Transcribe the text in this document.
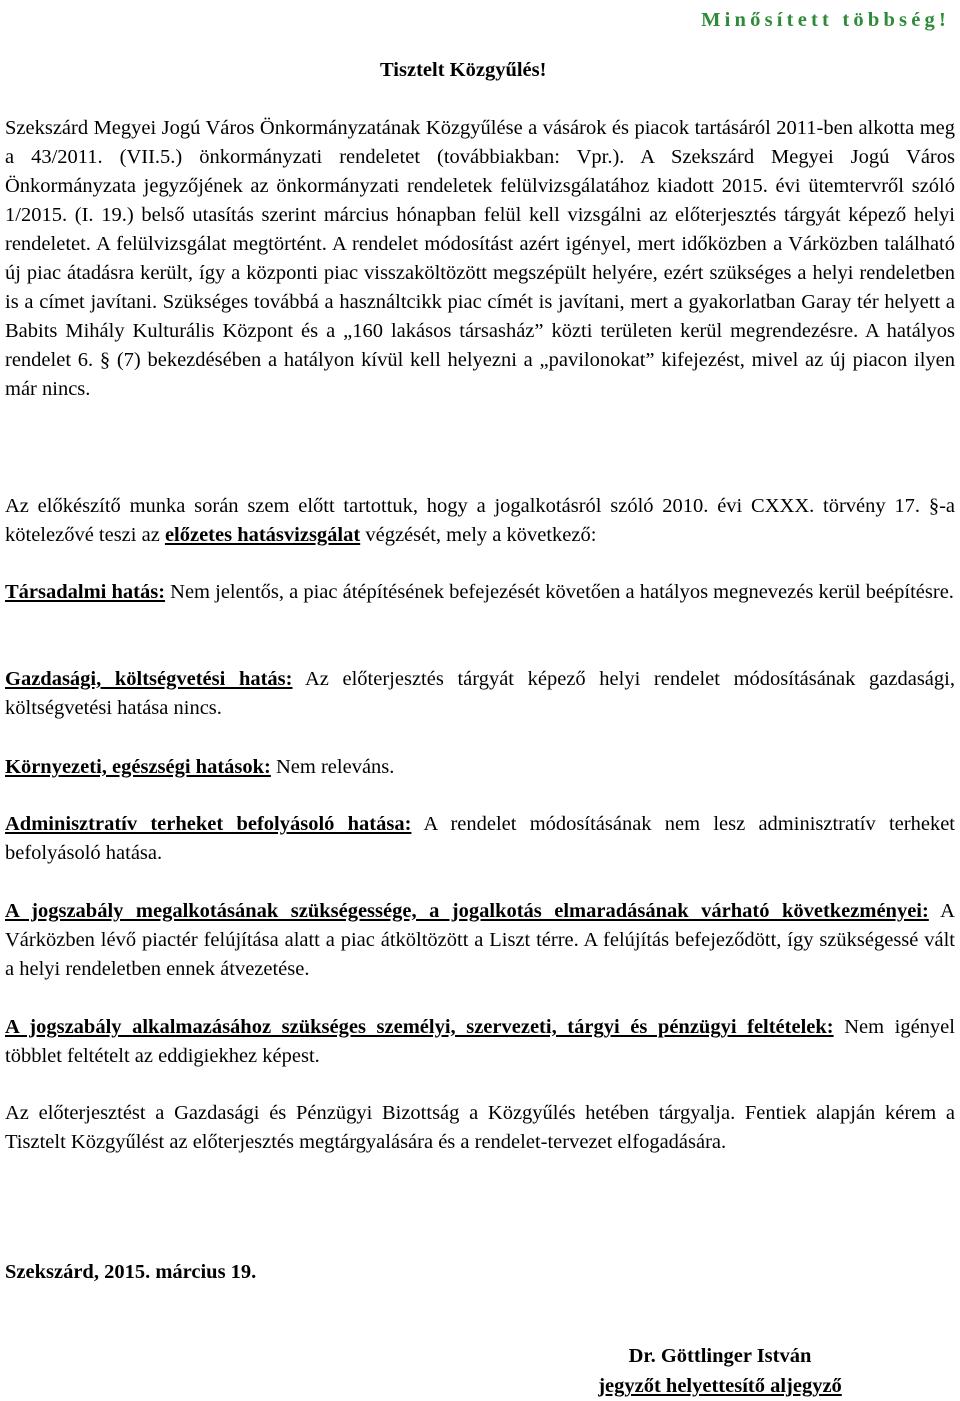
Minősített többség!
Tisztelt Közgyűlés!
Szekszárd Megyei Jogú Város Önkormányzatának Közgyűlése a vásárok és piacok tartásáról 2011-ben alkotta meg a 43/2011. (VII.5.) önkormányzati rendeletet (továbbiakban: Vpr.). A Szekszárd Megyei Jogú Város Önkormányzata jegyzőjének az önkormányzati rendeletek felülvizsgálatához kiadott 2015. évi ütemtervről szóló 1/2015. (I. 19.) belső utasítás szerint március hónapban felül kell vizsgálni az előterjesztés tárgyát képező helyi rendeletet. A felülvizsgálat megtörtént. A rendelet módosítást azért igényel, mert időközben a Várközben található új piac átadásra került, így a központi piac visszaköltözött megszépült helyére, ezért szükséges a helyi rendeletben is a címet javítani. Szükséges továbbá a használtcikk piac címét is javítani, mert a gyakorlatban Garay tér helyett a Babits Mihály Kulturális Központ és a „160 lakásos társasház” közti területen kerül megrendezésre. A hatályos rendelet 6. § (7) bekezdésében a hatályon kívül kell helyezni a „pavilonokat” kifejezést, mivel az új piacon ilyen már nincs.
Az előkészítő munka során szem előtt tartottuk, hogy a jogalkotásról szóló 2010. évi CXXX. törvény 17. §-a kötelezővé teszi az előzetes hatásvizsgálat végzését, mely a következő:
Társadalmi hatás: Nem jelentős, a piac átépítésének befejezését követően a hatályos megnevezés kerül beépítésre.
Gazdasági, költségvetési hatás: Az előterjesztés tárgyát képező helyi rendelet módosításának gazdasági, költségvetési hatása nincs.
Környezeti, egészségi hatások: Nem releváns.
Adminisztratív terheket befolyásoló hatása: A rendelet módosításának nem lesz adminisztratív terheket befolyásoló hatása.
A jogszabály megalkotásának szükségessége, a jogalkotás elmaradásának várható következményei: A Várközben lévő piactér felújítása alatt a piac átköltözött a Liszt térre. A felújítás befejeződött, így szükségessé vált a helyi rendeletben ennek átvezetése.
A jogszabály alkalmazásához szükséges személyi, szervezeti, tárgyi és pénzügyi feltételek: Nem igényel többlet feltételt az eddigiekhez képest.
Az előterjesztést a Gazdasági és Pénzügyi Bizottság a Közgyűlés hetében tárgyalja. Fentiek alapján kérem a Tisztelt Közgyűlést az előterjesztés megtárgyalására és a rendelet-tervezet elfogadására.
Szekszárd, 2015. március 19.
Dr. Göttlinger István
jegyzőt helyettesítő aljegyző
